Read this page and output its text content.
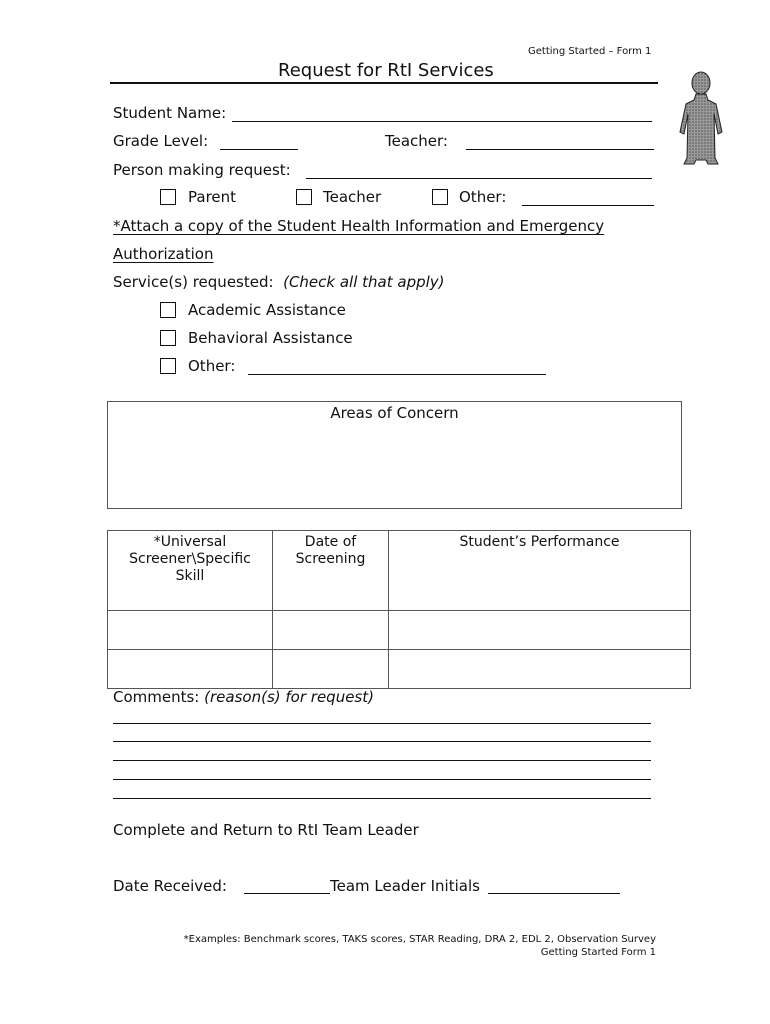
Getting Started – Form 1
Request for RtI Services
Student Name:
Grade Level:	Teacher:
Person making request:
Parent	Teacher	Other:
*Attach a copy of the Student Health Information and Emergency
Authorization
Service(s) requested: (Check all that apply)
Academic Assistance
Behavioral Assistance
Other:
Areas of Concern
*Universal Screener\Specific Skill	Date of Screening	Student’s Performance

Comments: (reason(s) for request)
Complete and Return to RtI Team Leader
Date Received:	Team Leader Initials
*Examples: Benchmark scores, TAKS scores, STAR Reading, DRA 2, EDL 2, Observation Survey
Getting Started Form 1
